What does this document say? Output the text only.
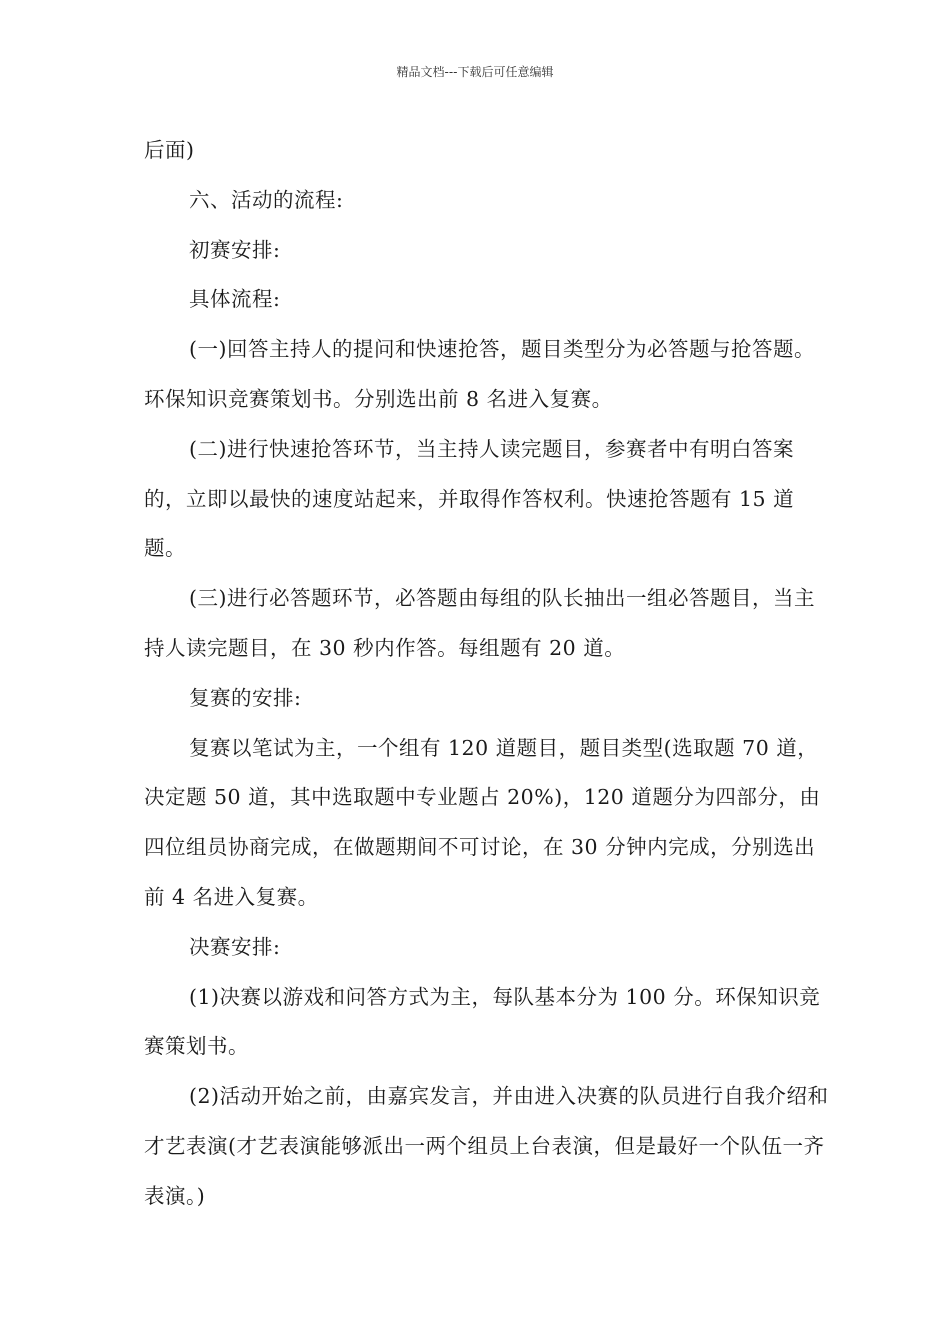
精品文档---下载后可任意编辑

后面)

六、活动的流程:

初赛安排:

具体流程:

(一)回答主持人的提问和快速抢答，题目类型分为必答题与抢答题。环保知识竞赛策划书。分别选出前 8 名进入复赛。

(二)进行快速抢答环节，当主持人读完题目，参赛者中有明白答案的，立即以最快的速度站起来，并取得作答权利。快速抢答题有 15 道题。

(三)进行必答题环节，必答题由每组的队长抽出一组必答题目，当主持人读完题目，在 30 秒内作答。每组题有 20 道。

复赛的安排:

复赛以笔试为主，一个组有 120 道题目，题目类型(选取题 70 道，决定题 50 道，其中选取题中专业题占 20%)，120 道题分为四部分，由四位组员协商完成，在做题期间不可讨论，在 30 分钟内完成，分别选出前 4 名进入复赛。

决赛安排:

(1)决赛以游戏和问答方式为主，每队基本分为 100 分。环保知识竞赛策划书。

(2)活动开始之前，由嘉宾发言，并由进入决赛的队员进行自我介绍和才艺表演(才艺表演能够派出一两个组员上台表演，但是最好一个队伍一齐表演。)
